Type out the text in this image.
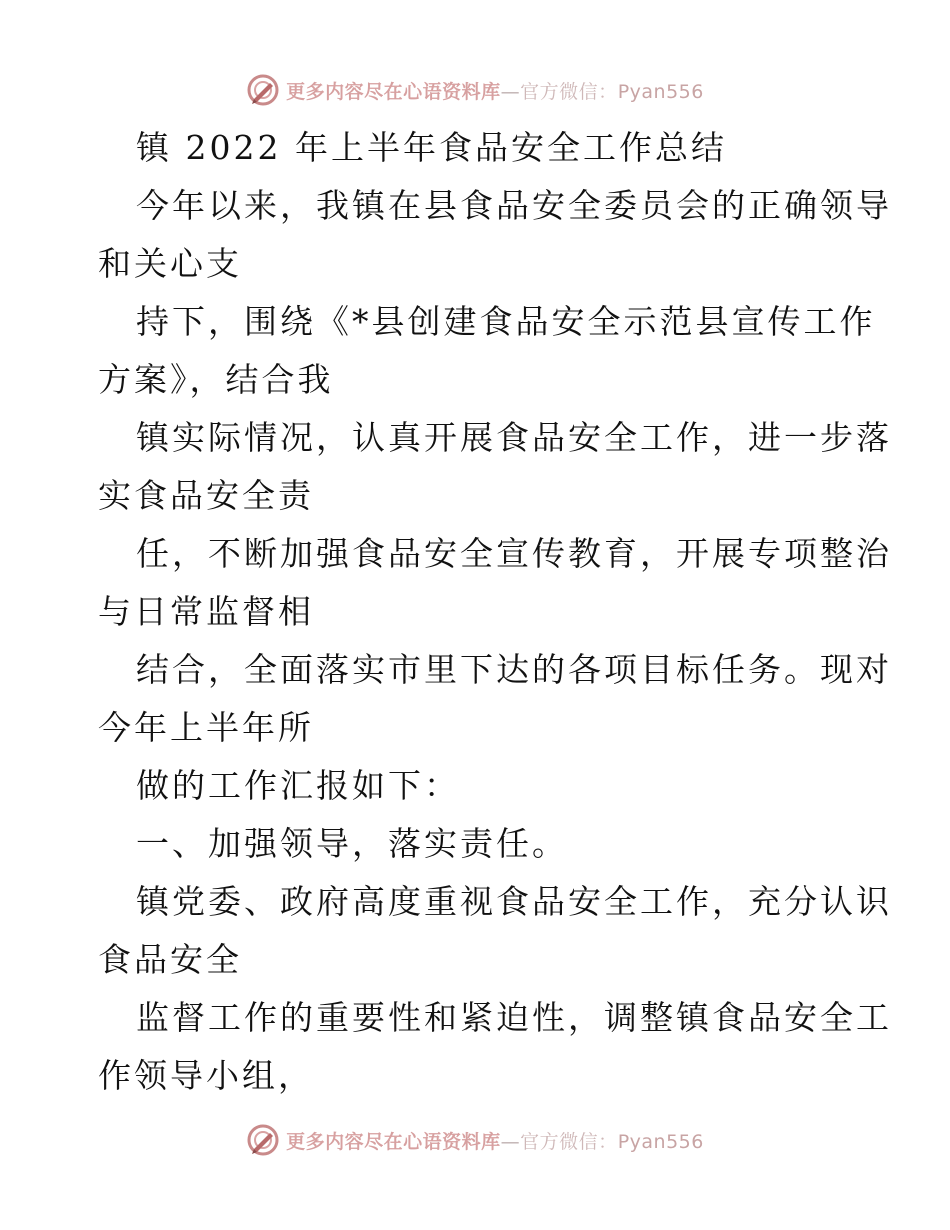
更多内容尽在心语资料库—官方微信：Pyan556
镇 2022 年上半年食品安全工作总结
今年以来，我镇在县食品安全委员会的正确领导
和关心支
持下，围绕《*县创建食品安全示范县宣传工作
方案》，结合我
镇实际情况，认真开展食品安全工作，进一步落
实食品安全责
任，不断加强食品安全宣传教育，开展专项整治
与日常监督相
结合，全面落实市里下达的各项目标任务。现对
今年上半年所
做的工作汇报如下：
一、加强领导，落实责任。
镇党委、政府高度重视食品安全工作，充分认识
食品安全
监督工作的重要性和紧迫性，调整镇食品安全工
作领导小组，
更多内容尽在心语资料库—官方微信：Pyan556
